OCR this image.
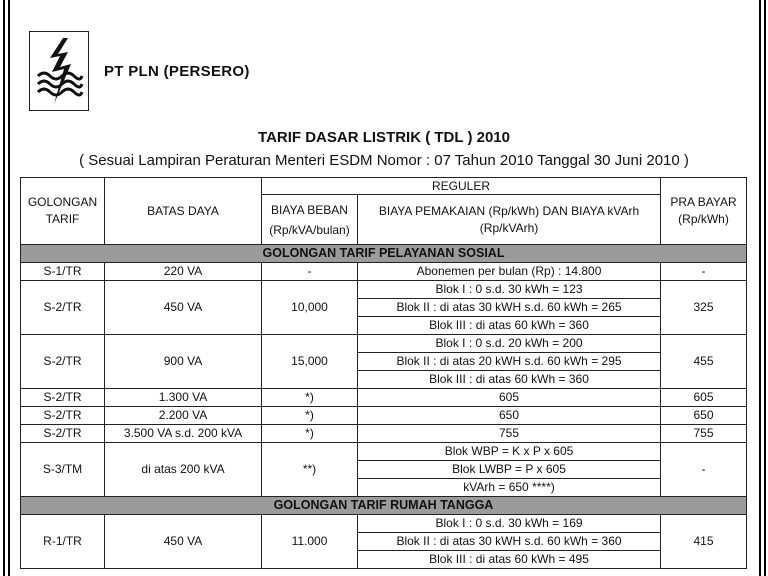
PT PLN (PERSERO)
TARIF DASAR LISTRIK ( TDL ) 2010
( Sesuai Lampiran Peraturan Menteri ESDM Nomor : 07 Tahun 2010 Tanggal 30 Juni 2010 )
GOLONGAN TARIF	BATAS DAYA	REGULER		PRA BAYAR (Rp/kWh)
		BIAYA BEBAN (Rp/kVA/bulan)	BIAYA PEMAKAIAN (Rp/kWh) DAN BIAYA kVArh (Rp/kVArh)	

GOLONGAN TARIF PELAYANAN SOSIAL				
S-1/TR	220 VA	-	Abonemen per bulan (Rp) : 14.800	-
S-2/TR	450 VA	10,000	Blok I : 0 s.d. 30 kWh = 123	325
			Blok II : di atas 30 kWH s.d. 60 kWh = 265	
			Blok III : di atas 60 kWh = 360	
S-2/TR	900 VA	15,000	Blok I : 0 s.d. 20 kWh = 200	455
			Blok II : di atas 20 kWH s.d. 60 kWh = 295	
			Blok III : di atas 60 kWh = 360	
S-2/TR	1.300 VA	*)	605	605
S-2/TR	2.200 VA	*)	650	650
S-2/TR	3.500 VA s.d. 200 kVA	*)	755	755
S-3/TM	di atas 200 kVA	**)	Blok WBP = K x P x 605	-
			Blok LWBP = P x 605	
			kVArh = 650 ****)	
GOLONGAN TARIF RUMAH TANGGA				
R-1/TR	450 VA	11.000	Blok I : 0 s.d. 30 kWh = 169	415
			Blok II : di atas 30 kWH s.d. 60 kWh = 360	
			Blok III : di atas 60 kWh = 495	
